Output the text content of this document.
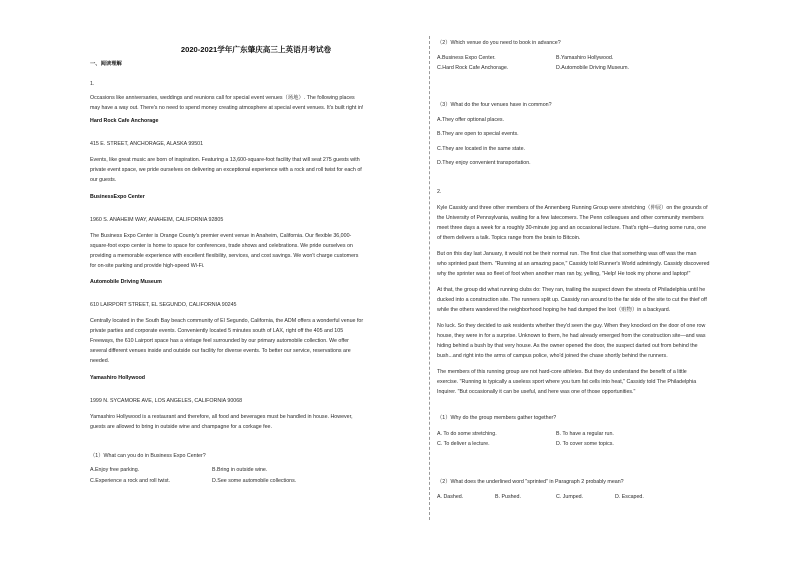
2020-2021学年广东肇庆高三上英语月考试卷
一、阅读理解
1.
Occasions like anniversaries, weddings and reunions call for special event venues（场地）. The following places
may have a way out. There's no need to spend money creating atmosphere at special event venues. It's built right in!
Hard Rock Cafe Anchorage
415 E. STREET, ANCHORAGE, ALASKA 99501
Events, like great music are born of inspiration. Featuring a 13,600-square-foot facility that will seat 275 guests with
private event space, we pride ourselves on delivering an exceptional experience with a rock and roll twist for each of
our guests.
BusinessExpo Center
1960 S. ANAHEIM WAY, ANAHEIM, CALIFORNIA 92805
The Business Expo Center is Orange County's premier event venue in Anaheim, California. Our flexible 36,000-
square-foot expo center is home to space for conferences, trade shows and celebrations. We pride ourselves on
providing a memorable experience with excellent flexibility, services, and cost savings. We won't charge customers
for on-site parking and provide high-speed Wi-Fi.
Automobile Driving Museum
610 LAIRPORT STREET, EL SEGUNDO, CALIFORNIA 90245
Centrally located in the South Bay beach community of El Segundo, California, the ADM offers a wonderful venue for
private parties and corporate events. Conveniently located 5 minutes south of LAX, right off the 405 and 105
Freeways, the 610 Lairport space has a vintage feel surrounded by our primary automobile collection. We offer
several different venues inside and outside our facility for diverse events. To better our service, reservations are
needed.
Yamashiro Hollywood
1999 N. SYCAMORE AVE, LOS ANGELES, CALIFORNIA 90068
Yamashiro Hollywood is a restaurant and therefore, all food and beverages must be handled in house. However,
guests are allowed to bring in outside wine and champagne for a corkage fee.
（1）What can you do in Business Expo Center?
A.Enjoy free parking.	B.Bring in outside wine.
C.Experience a rock and roll twist.	D.See some automobile collections.
（2）Which venue do you need to book in advance?
A.Business Expo Center.	B.Yamashiro Hollywood.
C.Hard Rock Cafe Anchorage.	D.Automobile Driving Museum.
（3）What do the four venues have in common?
A.They offer optional places.
B.They are open to special events.
C.They are located in the same state.
D.They enjoy convenient transportation.
2.
Kyle Cassidy and three other members of the Annenberg Running Group were stretching（伸展）on the grounds of
the University of Pennsylvania, waiting for a few latecomers. The Penn colleagues and other community members
meet three days a week for a roughly 30-minute jog and an occasional lecture. That's right—during some runs, one
of them delivers a talk. Topics range from the brain to Bitcoin.
But on this day last January, it would not be their normal run. The first clue that something was off was the man
who sprinted past them. "Running at an amazing pace," Cassidy told Runner's World admiringly. Cassidy discovered
why the sprinter was so fleet of foot when another man ran by, yelling, "Help! He took my phone and laptop!"
At that, the group did what running clubs do: They ran, trailing the suspect down the streets of Philadelphia until he
ducked into a construction site. The runners split up. Cassidy ran around to the far side of the site to cut the thief off
while the others wandered the neighborhood hoping he had dumped the loot（赃物）in a backyard.
No luck. So they decided to ask residents whether they'd seen the guy. When they knocked on the door of one row
house, they were in for a surprise. Unknown to them, he had already emerged from the construction site—and was
hiding behind a bush by that very house. As the owner opened the door, the suspect darted out from behind the
bush...and right into the arms of campus police, who'd joined the chase shortly behind the runners.
The members of this running group are not hard-core athletes. But they do understand the benefit of a little
exercise. "Running is typically a useless sport where you turn fat cells into heat," Cassidy told The Philadelphia
Inquirer. "But occasionally it can be useful, and here was one of those opportunities."
（1）Why do the group members gather together?
A. To do some stretching.	B. To have a regular run.
C. To deliver a lecture.	D. To cover some topics.
（2）What does the underlined word "sprinted" in Paragraph 2 probably mean?
A. Dashed.	B. Pushed.	C. Jumped.	D. Escaped.
